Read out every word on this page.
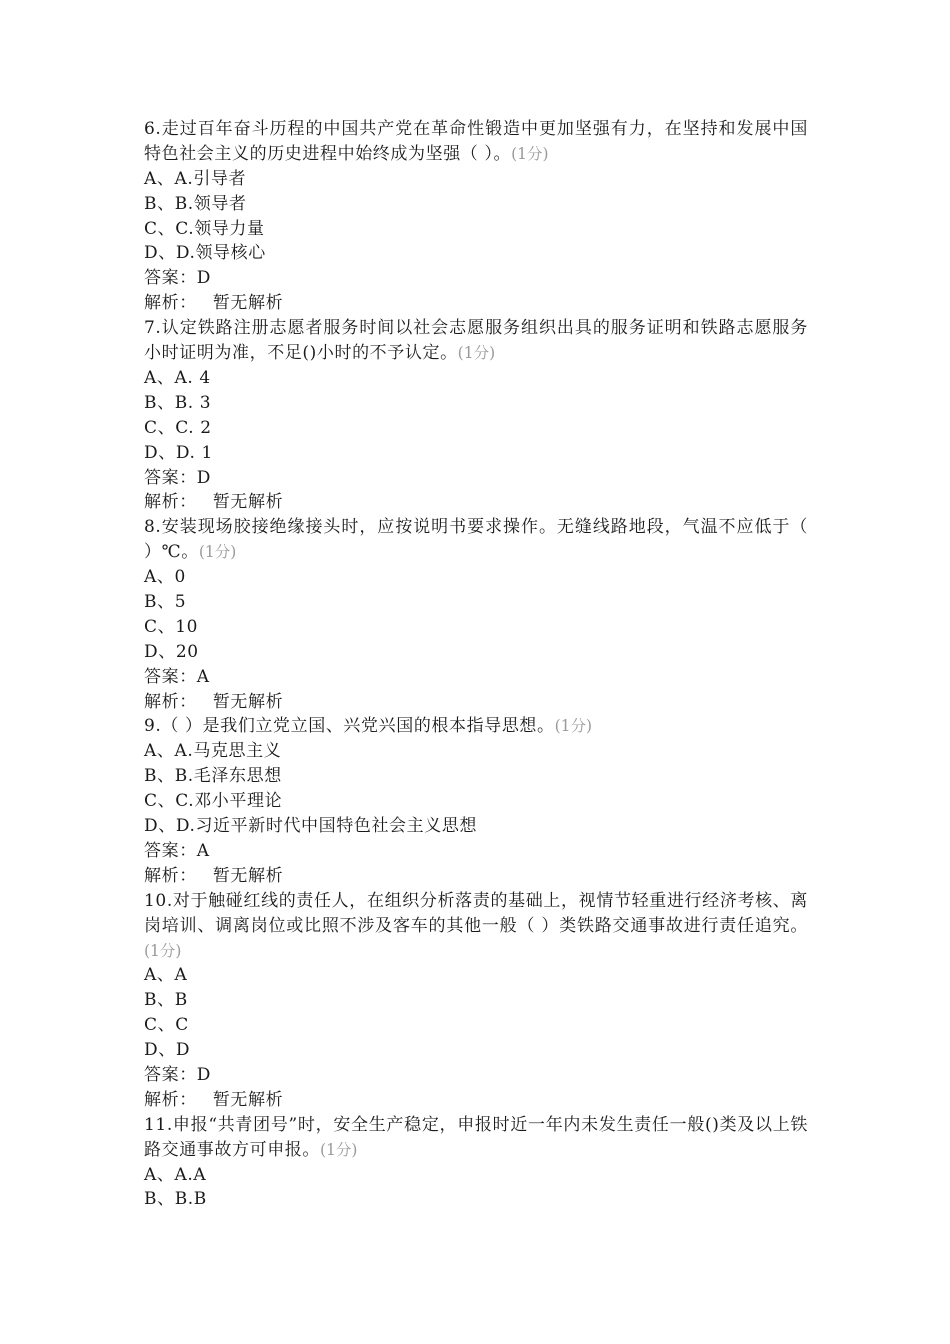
6.走过百年奋斗历程的中国共产党在革命性锻造中更加坚强有力，在坚持和发展中国特色社会主义的历史进程中始终成为坚强（ ）。(1分)

A、A.引导者

B、B.领导者

C、C.领导力量

D、D.领导核心

答案：D

解析： 暂无解析

7.认定铁路注册志愿者服务时间以社会志愿服务组织出具的服务证明和铁路志愿服务小时证明为准，不足()小时的不予认定。(1分)

A、A. 4

B、B. 3

C、C. 2

D、D. 1

答案：D

解析： 暂无解析

8.安装现场胶接绝缘接头时，应按说明书要求操作。无缝线路地段，气温不应低于（ ）℃。(1分)

A、0

B、5

C、10

D、20

答案：A

解析： 暂无解析

9.（ ）是我们立党立国、兴党兴国的根本指导思想。(1分)

A、A.马克思主义

B、B.毛泽东思想

C、C.邓小平理论

D、D.习近平新时代中国特色社会主义思想

答案：A

解析： 暂无解析

10.对于触碰红线的责任人，在组织分析落责的基础上，视情节轻重进行经济考核、离岗培训、调离岗位或比照不涉及客车的其他一般（ ）类铁路交通事故进行责任追究。(1分)

A、A

B、B

C、C

D、D

答案：D

解析： 暂无解析

11.申报“共青团号”时，安全生产稳定，申报时近一年内未发生责任一般()类及以上铁路交通事故方可申报。(1分)

A、A.A

B、B.B
